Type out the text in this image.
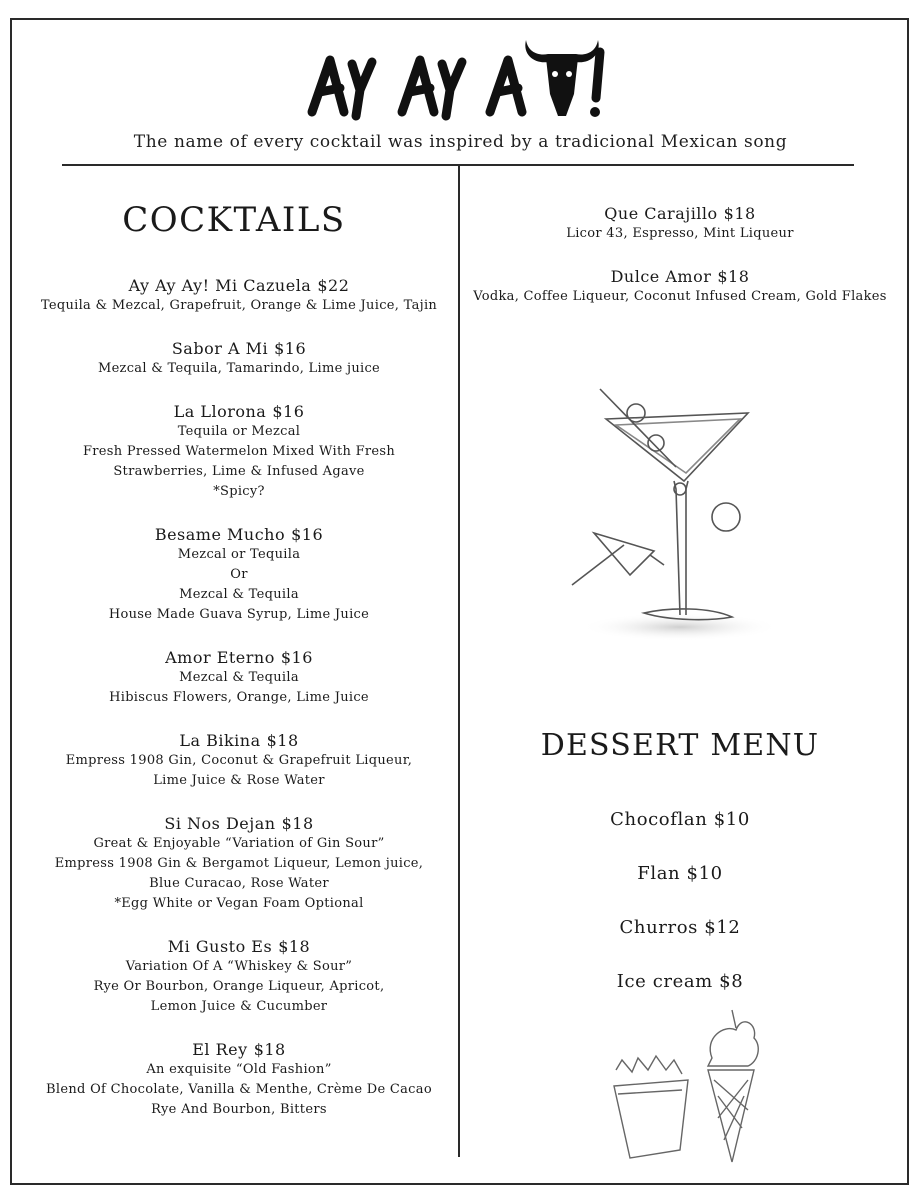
The name of every cocktail was inspired by a tradicional Mexican song
COCKTAILS
Ay Ay Ay! Mi Cazuela $22
Tequila & Mezcal, Grapefruit, Orange & Lime Juice, Tajin
Sabor A Mi $16
Mezcal & Tequila, Tamarindo, Lime juice
La Llorona $16
Tequila or Mezcal
Fresh Pressed Watermelon Mixed With Fresh
Strawberries, Lime & Infused Agave
*Spicy?
Besame Mucho $16
Mezcal or Tequila
Or
Mezcal & Tequila
House Made Guava Syrup, Lime Juice
Amor Eterno $16
Mezcal & Tequila
Hibiscus Flowers, Orange, Lime Juice
La Bikina $18
Empress 1908 Gin, Coconut & Grapefruit Liqueur,
Lime Juice & Rose Water
Si Nos Dejan $18
Great & Enjoyable “Variation of Gin Sour”
Empress 1908 Gin & Bergamot Liqueur, Lemon juice,
Blue Curacao, Rose Water
*Egg White or Vegan Foam Optional
Mi Gusto Es $18
Variation Of A “Whiskey & Sour”
Rye Or Bourbon, Orange Liqueur, Apricot,
Lemon Juice & Cucumber
El Rey $18
An exquisite “Old Fashion”
Blend Of Chocolate, Vanilla & Menthe, Crème De Cacao
Rye And Bourbon, Bitters
Que Carajillo $18
Licor 43, Espresso, Mint Liqueur
Dulce Amor $18
Vodka, Coffee Liqueur, Coconut Infused Cream, Gold Flakes
DESSERT MENU
Chocoflan $10
Flan $10
Churros $12
Ice cream $8
